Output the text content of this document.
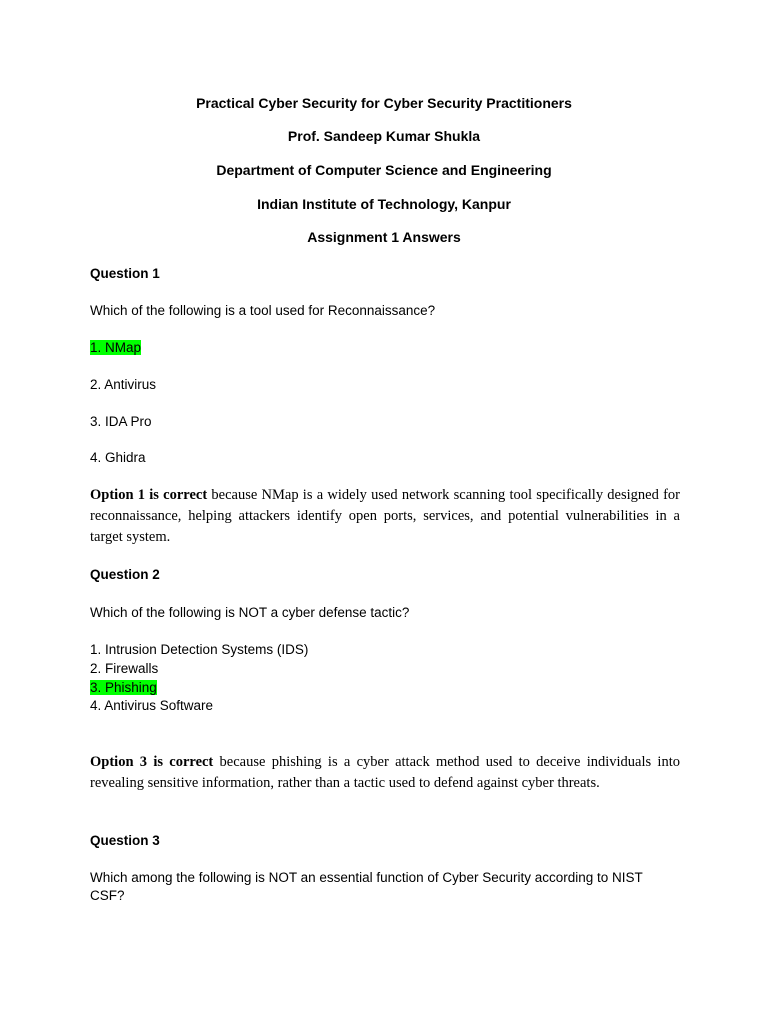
Practical Cyber Security for Cyber Security Practitioners
Prof. Sandeep Kumar Shukla
Department of Computer Science and Engineering
Indian Institute of Technology, Kanpur
Assignment 1 Answers
Question 1
Which of the following is a tool used for Reconnaissance?
1. NMap
2. Antivirus
3. IDA Pro
4. Ghidra
Option 1 is correct because NMap is a widely used network scanning tool specifically designed for reconnaissance, helping attackers identify open ports, services, and potential vulnerabilities in a target system.
Question 2
Which of the following is NOT a cyber defense tactic?
1. Intrusion Detection Systems (IDS)
2. Firewalls
3. Phishing
4. Antivirus Software
Option 3 is correct because phishing is a cyber attack method used to deceive individuals into revealing sensitive information, rather than a tactic used to defend against cyber threats.
Question 3
Which among the following is NOT an essential function of Cyber Security according to NIST CSF?
